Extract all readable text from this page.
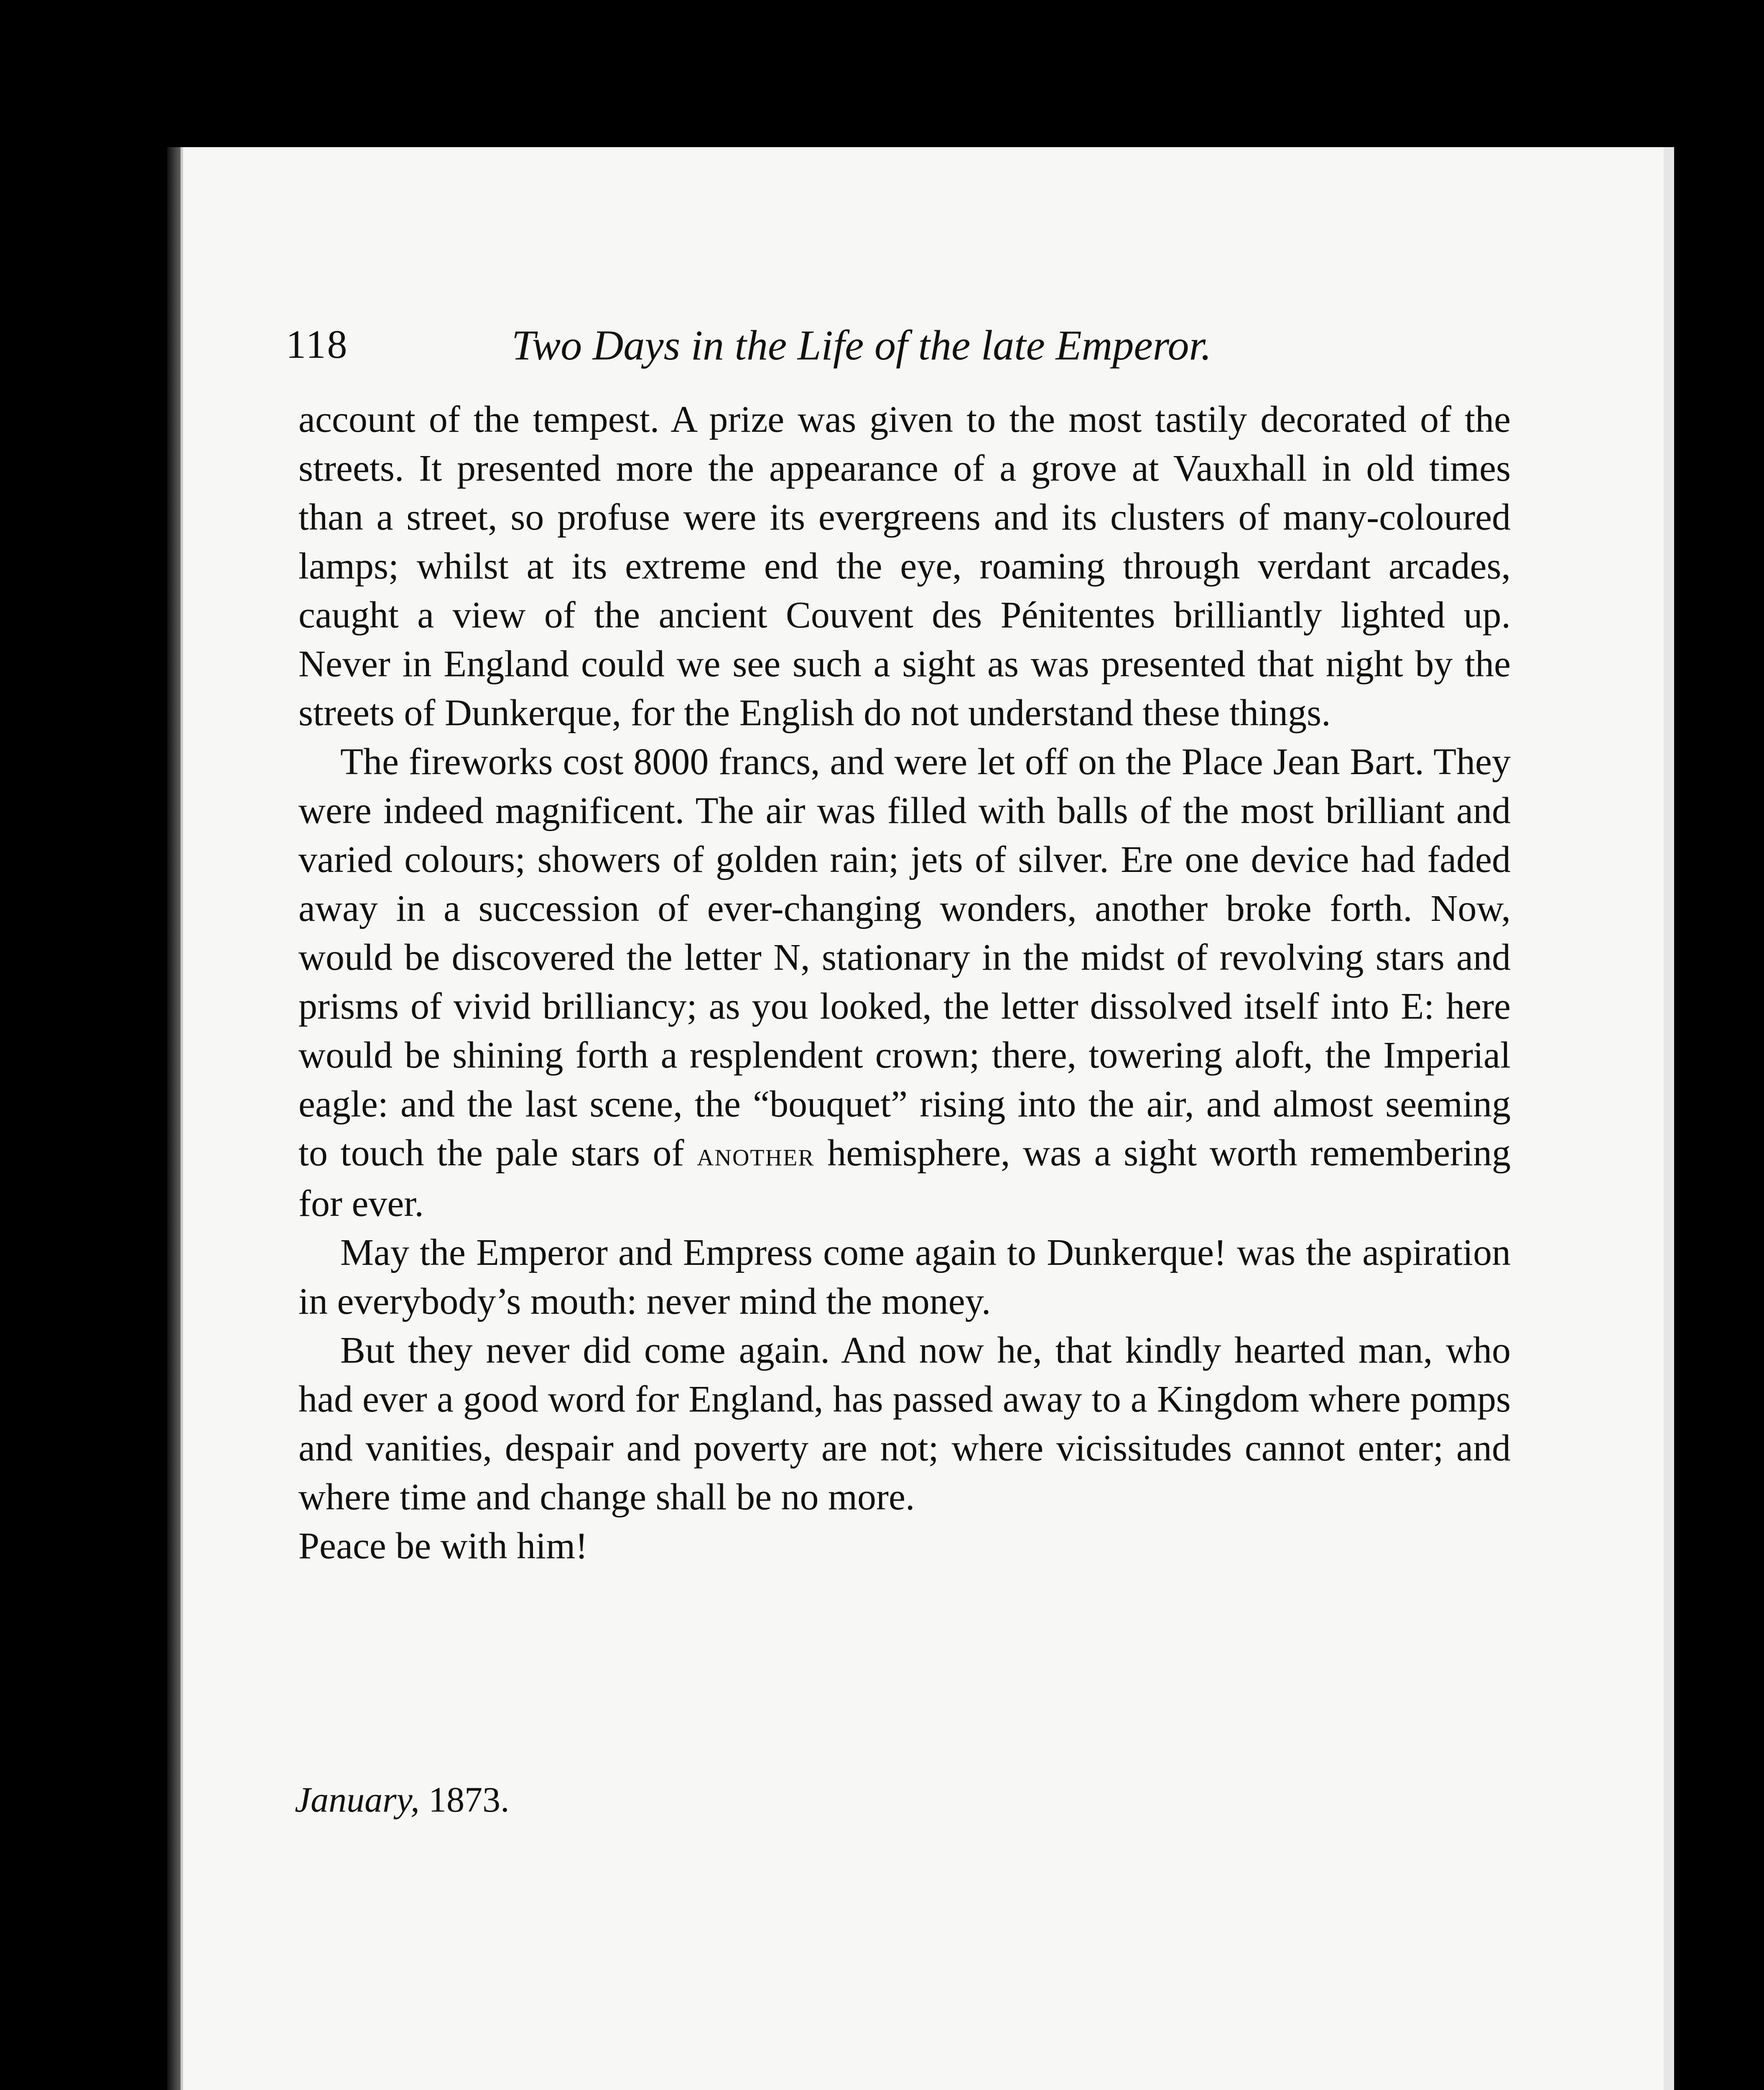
118	Two Days in the Life of the late Emperor.

account of the tempest. A prize was given to the most tastily decorated of the streets. It presented more the appearance of a grove at Vauxhall in old times than a street, so profuse were its evergreens and its clusters of many-coloured lamps; whilst at its extreme end the eye, roaming through verdant arcades, caught a view of the ancient Couvent des Pénitentes brilliantly lighted up. Never in England could we see such a sight as was presented that night by the streets of Dunkerque, for the English do not understand these things.

The fireworks cost 8000 francs, and were let off on the Place Jean Bart. They were indeed magnificent. The air was filled with balls of the most brilliant and varied colours; showers of golden rain; jets of silver. Ere one device had faded away in a succession of ever-changing wonders, another broke forth. Now, would be discovered the letter N, stationary in the midst of revolving stars and prisms of vivid brilliancy; as you looked, the letter dissolved itself into E: here would be shining forth a resplendent crown; there, towering aloft, the Imperial eagle: and the last scene, the “bouquet” rising into the air, and almost seeming to touch the pale stars of another hemisphere, was a sight worth remembering for ever.

May the Emperor and Empress come again to Dunkerque! was the aspiration in everybody’s mouth: never mind the money.

But they never did come again. And now he, that kindly hearted man, who had ever a good word for England, has passed away to a Kingdom where pomps and vanities, despair and poverty are not; where vicissitudes cannot enter; and where time and change shall be no more.

Peace be with him!

January, 1873.
